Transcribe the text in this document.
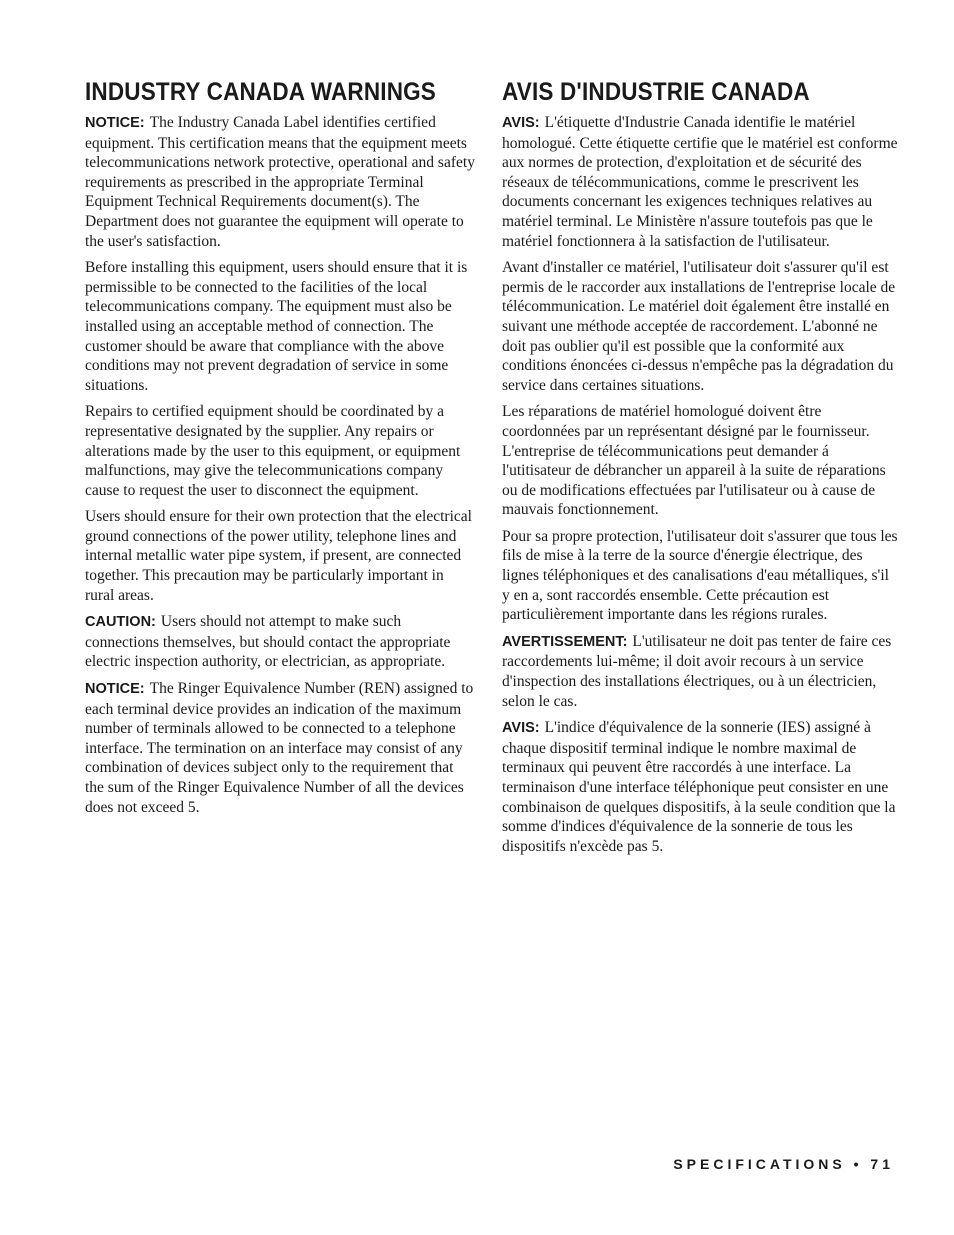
INDUSTRY CANADA WARNINGS

NOTICE: The Industry Canada Label identifies certified equipment. This certification means that the equipment meets telecommunications network protective, operational and safety requirements as prescribed in the appropriate Terminal Equipment Technical Requirements document(s). The Department does not guarantee the equipment will operate to the user's satisfaction.

Before installing this equipment, users should ensure that it is permissible to be connected to the facilities of the local telecommunications company. The equipment must also be installed using an acceptable method of connection. The customer should be aware that compliance with the above conditions may not prevent degradation of service in some situations.

Repairs to certified equipment should be coordinated by a representative designated by the supplier. Any repairs or alterations made by the user to this equipment, or equipment malfunctions, may give the telecommunications company cause to request the user to disconnect the equipment.

Users should ensure for their own protection that the electrical ground connections of the power utility, telephone lines and internal metallic water pipe system, if present, are connected together. This precaution may be particularly important in rural areas.

CAUTION: Users should not attempt to make such connections themselves, but should contact the appropriate electric inspection authority, or electrician, as appropriate.

NOTICE: The Ringer Equivalence Number (REN) assigned to each terminal device provides an indication of the maximum number of terminals allowed to be connected to a telephone interface. The termination on an interface may consist of any combination of devices subject only to the requirement that the sum of the Ringer Equivalence Number of all the devices does not exceed 5.

AVIS D'INDUSTRIE CANADA

AVIS: L'étiquette d'Industrie Canada identifie le matériel homologué. Cette étiquette certifie que le matériel est conforme aux normes de protection, d'exploitation et de sécurité des réseaux de télécommunications, comme le prescrivent les documents concernant les exigences techniques relatives au matériel terminal. Le Ministère n'assure toutefois pas que le matériel fonctionnera à la satisfaction de l'utilisateur.

Avant d'installer ce matériel, l'utilisateur doit s'assurer qu'il est permis de le raccorder aux installations de l'entreprise locale de télécommunication. Le matériel doit également être installé en suivant une méthode acceptée de raccordement. L'abonné ne doit pas oublier qu'il est possible que la conformité aux conditions énoncées ci-dessus n'empêche pas la dégradation du service dans certaines situations.

Les réparations de matériel homologué doivent être coordonnées par un représentant désigné par le fournisseur. L'entreprise de télécommunications peut demander á l'utitisateur de débrancher un appareil à la suite de réparations ou de modifications effectuées par l'utilisateur ou à cause de mauvais fonctionnement.

Pour sa propre protection, l'utilisateur doit s'assurer que tous les fils de mise à la terre de la source d'énergie électrique, des lignes téléphoniques et des canalisations d'eau métalliques, s'il y en a, sont raccordés ensemble. Cette précaution est particulièrement importante dans les régions rurales.

AVERTISSEMENT: L'utilisateur ne doit pas tenter de faire ces raccordements lui-même; il doit avoir recours à un service d'inspection des installations électriques, ou à un électricien, selon le cas.

AVIS: L'indice d'équivalence de la sonnerie (IES) assigné à chaque dispositif terminal indique le nombre maximal de terminaux qui peuvent être raccordés à une interface. La terminaison d'une interface téléphonique peut consister en une combinaison de quelques dispositifs, à la seule condition que la somme d'indices d'équivalence de la sonnerie de tous les dispositifs n'excède pas 5.

SPECIFICATIONS • 71
